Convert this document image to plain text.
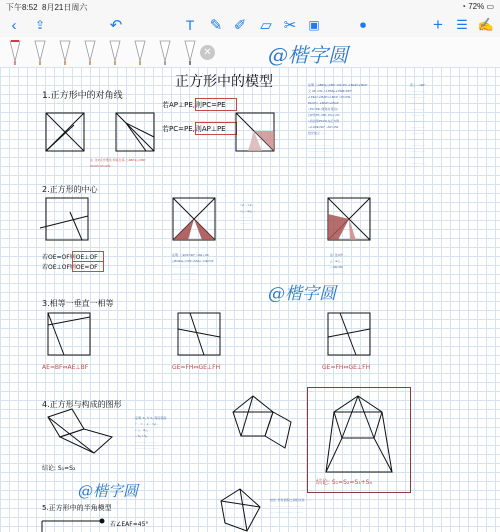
下午8:52 8月21日周六	◔ 72% ▭
‹	⇪	↶	T ✎ ✐ ▱ ✂ ▣	⏺	+ ☰ ✍
✕
正方形中的模型
@楷字圆
@楷字圆
@楷字圆
1.正方形中的对角线
若AP⊥PE,则PC=PE
若PC=PE,则AP⊥PE
注: 过P点作垂线 构造全等 △ABP≌△CBP
PA=PC PC=PE
证明 △ABP≌△CBP ∴PA=PC ∠BAP=∠BCP
又 AP⊥PE ∴∠PAB+∠PEB=180°
∠PEC=∠BAP=∠BCP ∴PC=PE
PA=PC, ∠BAP=∠BCP …
∴PC=PE (等角对等边)
过P作PF⊥BC, PG⊥CD
∴四边形PFCG为正方形
∴∠APE=90° ∴AP⊥PE
结论成立 ……
……………………
……………………
……………………
……………………
……………………
若∠…=90°
……………
……………
……………
……………
……………
……………
……………
……………
……………
……………
……………
……………
……………
2.正方形的中心
若OE=OF则OE⊥OF
若OE⊥OF则OE=OF
∵∠…=∠…
∴△…≌△…
…………
…………
…………
证明: ∠EOF=90° ∴OE⊥OF
△BOE≌△COF (ASA) ∴OE=OF
……………………
……………………
……………………
证: 过O作 …
△…≌△…
∴ OE=OF
……………
3.相等一垂直一相等
AE=BF⇔AE⊥BF	GE=FH⇔GE⊥FH	GE=FH⇔GE⊥FH
4.正方形与构成的图形
结论: S₁=S₂
证明: S₁ 与 S₂ 等底等高
∵ …=… ∠…=∠…
∴ △…≌△…
∴ S₁ = S₂
……………………
……………………
……………………
结论: S₁=S₂=S₃+S₄
5.正方形中的半角模型
若∠EAF=45°
结论: 所有面积之间的关系 ……
……………………………
……………………………
